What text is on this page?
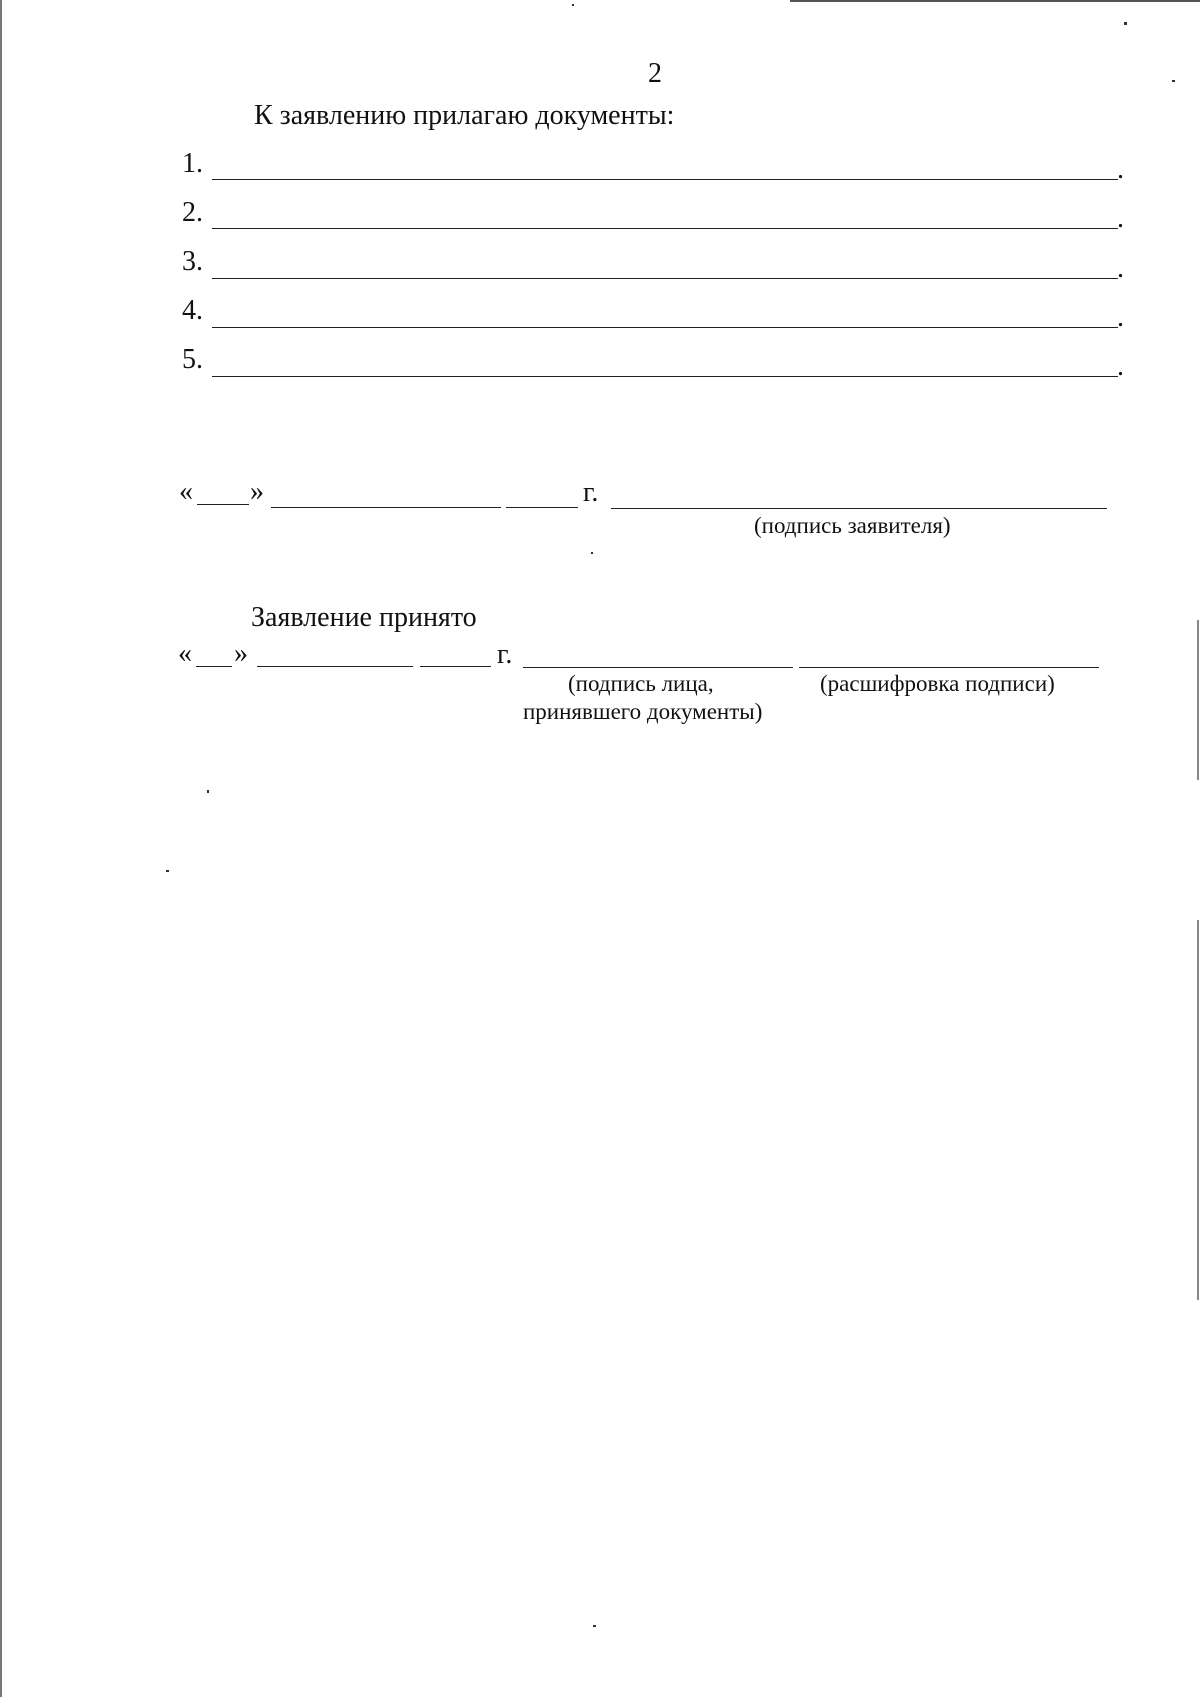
2
К заявлению прилагаю документы:
1.	.
2.	.
3.	.
4.	.
5.	.
« »	г.
(подпись заявителя)
Заявление принято
« »	г.
(подпись лица,
принявшего документы)
(расшифровка подписи)
